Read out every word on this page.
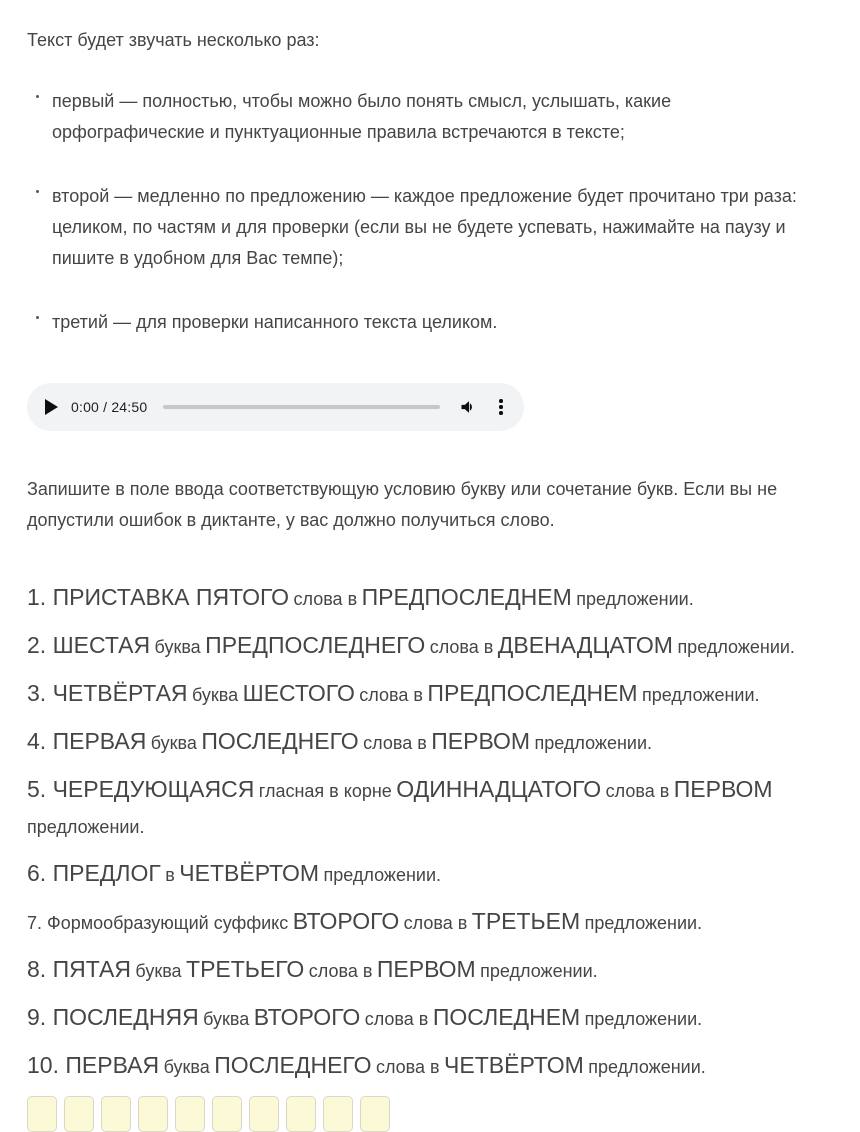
Текст будет звучать несколько раз:

первый — полностью, чтобы можно было понять смысл, услышать, какие орфографические и пунктуационные правила встречаются в тексте;
второй — медленно по предложению — каждое предложение будет прочитано три раза: целиком, по частям и для проверки (если вы не будете успевать, нажимайте на паузу и пишите в удобном для Вас темпе);
третий — для проверки написанного текста целиком.
0:00 / 24:50

Запишите в поле ввода соответствующую условию букву или сочетание букв. Если вы не допустили ошибок в диктанте, у вас должно получиться слово.

1. ПРИСТАВКА ПЯТОГО слова в ПРЕДПОСЛЕДНЕМ предложении.
2. ШЕСТАЯ буква ПРЕДПОСЛЕДНЕГО слова в ДВЕНАДЦАТОМ предложении.
3. ЧЕТВЁРТАЯ буква ШЕСТОГО слова в ПРЕДПОСЛЕДНЕМ предложении.
4. ПЕРВАЯ буква ПОСЛЕДНЕГО слова в ПЕРВОМ предложении.
5. ЧЕРЕДУЮЩАЯСЯ гласная в корне ОДИННАДЦАТОГО слова в ПЕРВОМ предложении.
6. ПРЕДЛОГ в ЧЕТВЁРТОМ предложении.
7. Формообразующий суффикс ВТОРОГО слова в ТРЕТЬЕМ предложении.
8. ПЯТАЯ буква ТРЕТЬЕГО слова в ПЕРВОМ предложении.
9. ПОСЛЕДНЯЯ буква ВТОРОГО слова в ПОСЛЕДНЕМ предложении.
10. ПЕРВАЯ буква ПОСЛЕДНЕГО слова в ЧЕТВЁРТОМ предложении.
